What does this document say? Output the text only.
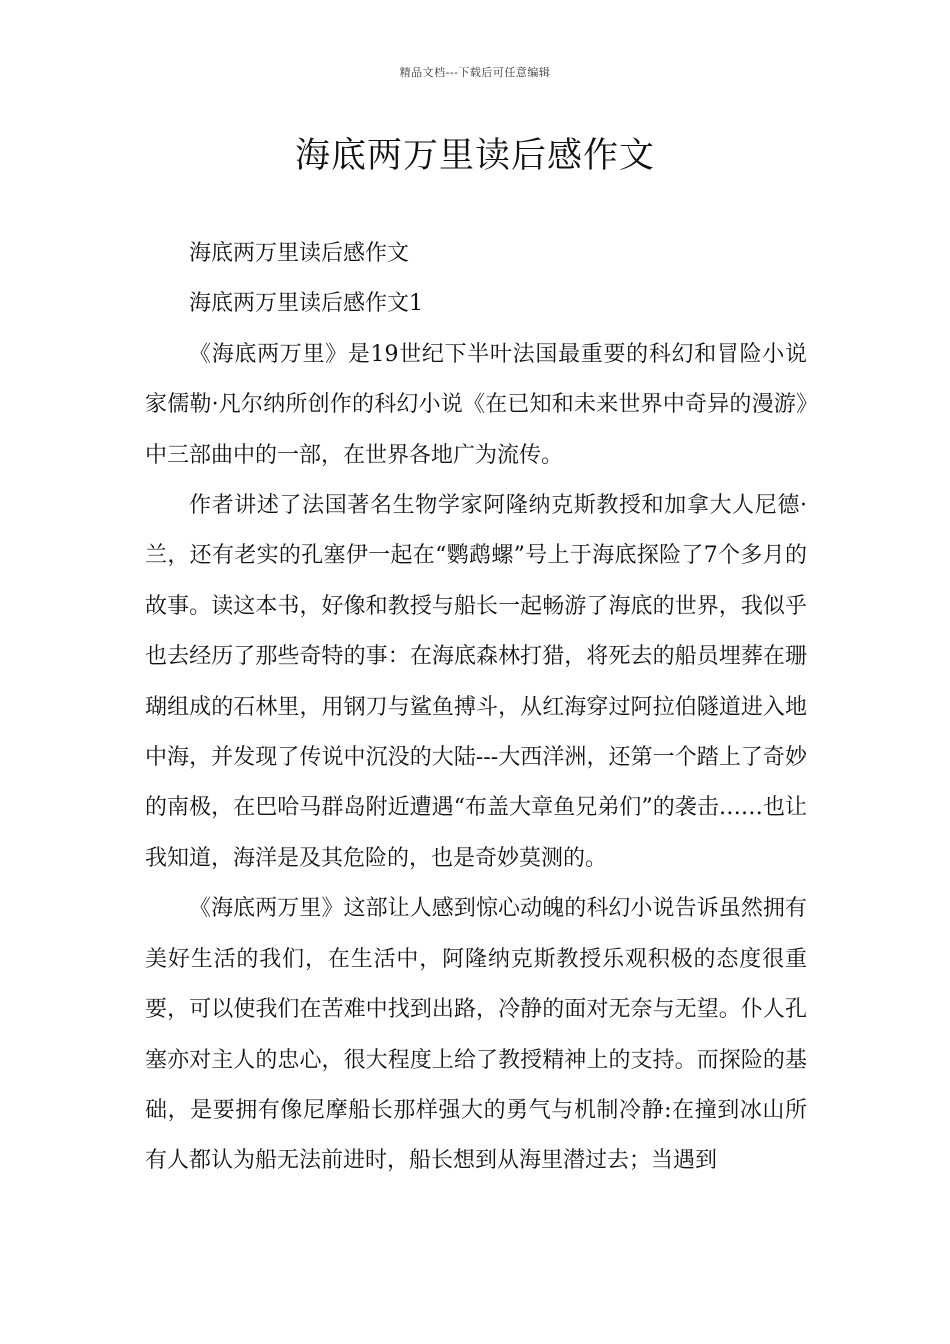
精品文档---下载后可任意编辑
海底两万里读后感作文

海底两万里读后感作文

海底两万里读后感作文1

《海底两万里》是19世纪下半叶法国最重要的科幻和冒险小说家儒勒·凡尔纳所创作的科幻小说《在已知和未来世界中奇异的漫游》中三部曲中的一部，在世界各地广为流传。

作者讲述了法国著名生物学家阿隆纳克斯教授和加拿大人尼德·兰，还有老实的孔塞伊一起在“鹦鹉螺”号上于海底探险了7个多月的故事。读这本书，好像和教授与船长一起畅游了海底的世界，我似乎也去经历了那些奇特的事：在海底森林打猎，将死去的船员埋葬在珊瑚组成的石林里，用钢刀与鲨鱼搏斗，从红海穿过阿拉伯隧道进入地中海，并发现了传说中沉没的大陆---大西洋洲，还第一个踏上了奇妙的南极，在巴哈马群岛附近遭遇“布盖大章鱼兄弟们”的袭击……也让我知道，海洋是及其危险的，也是奇妙莫测的。

《海底两万里》这部让人感到惊心动魄的科幻小说告诉虽然拥有美好生活的我们，在生活中，阿隆纳克斯教授乐观积极的态度很重要，可以使我们在苦难中找到出路，冷静的面对无奈与无望。仆人孔塞亦对主人的忠心，很大程度上给了教授精神上的支持。而探险的基础，是要拥有像尼摩船长那样强大的勇气与机制冷静:在撞到冰山所有人都认为船无法前进时，船长想到从海里潜过去；当遇到
